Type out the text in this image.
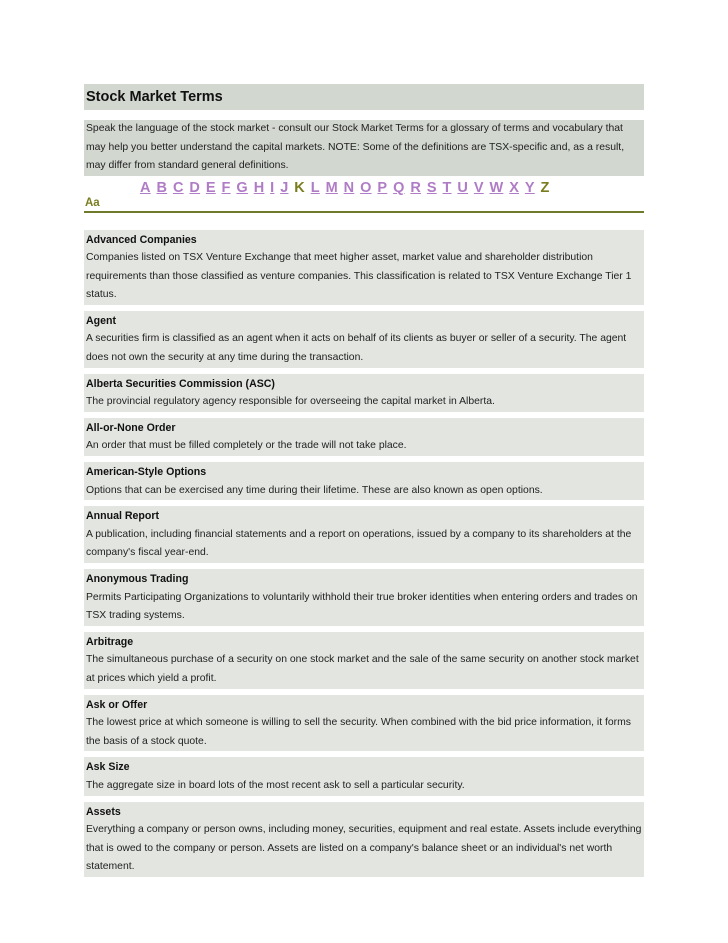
Stock Market Terms
Speak the language of the stock market - consult our Stock Market Terms for a glossary of terms and vocabulary that may help you better understand the capital markets. NOTE: Some of the definitions are TSX-specific and, as a result, may differ from standard general definitions.
Aa
A B C D E F G H I J K L M N O P Q R S T U V W X Y Z
Advanced Companies
Companies listed on TSX Venture Exchange that meet higher asset, market value and shareholder distribution requirements than those classified as venture companies. This classification is related to TSX Venture Exchange Tier 1 status.
Agent
A securities firm is classified as an agent when it acts on behalf of its clients as buyer or seller of a security. The agent does not own the security at any time during the transaction.
Alberta Securities Commission (ASC)
The provincial regulatory agency responsible for overseeing the capital market in Alberta.
All-or-None Order
An order that must be filled completely or the trade will not take place.
American-Style Options
Options that can be exercised any time during their lifetime. These are also known as open options.
Annual Report
A publication, including financial statements and a report on operations, issued by a company to its shareholders at the company's fiscal year-end.
Anonymous Trading
Permits Participating Organizations to voluntarily withhold their true broker identities when entering orders and trades on TSX trading systems.
Arbitrage
The simultaneous purchase of a security on one stock market and the sale of the same security on another stock market at prices which yield a profit.
Ask or Offer
The lowest price at which someone is willing to sell the security. When combined with the bid price information, it forms the basis of a stock quote.
Ask Size
The aggregate size in board lots of the most recent ask to sell a particular security.
Assets
Everything a company or person owns, including money, securities, equipment and real estate. Assets include everything that is owed to the company or person. Assets are listed on a company's balance sheet or an individual's net worth statement.
